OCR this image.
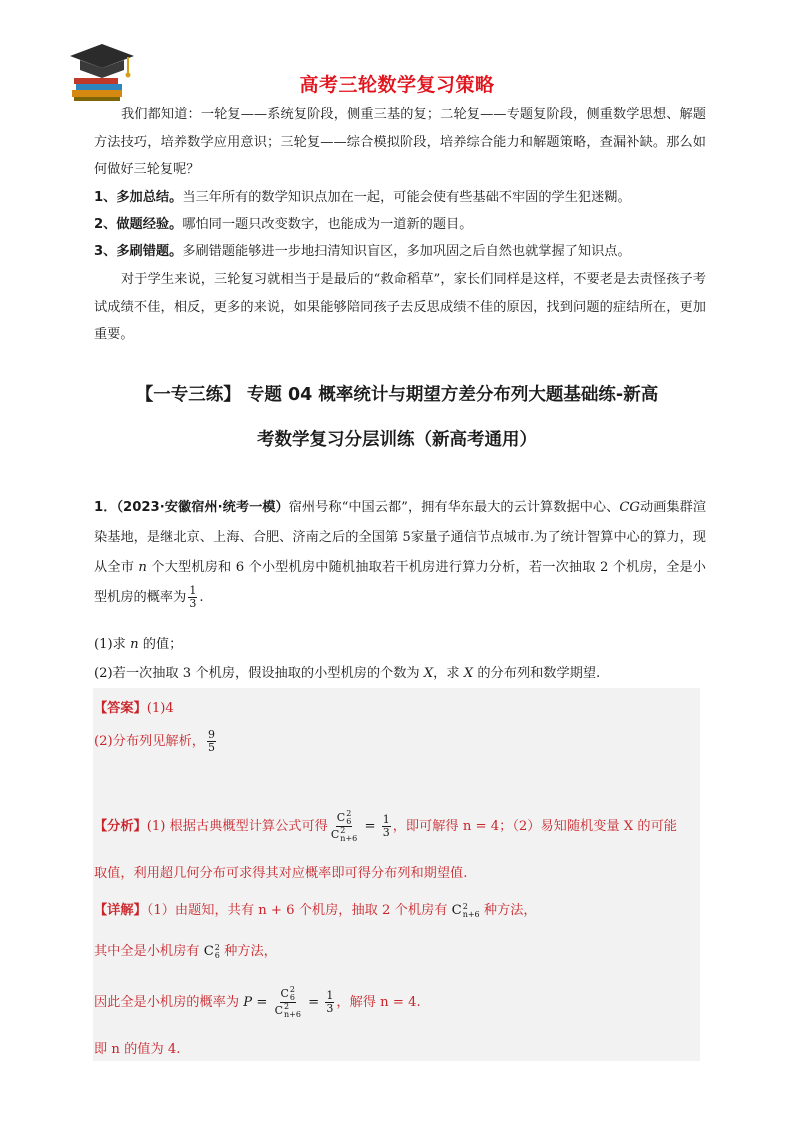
高考三轮数学复习策略
我们都知道：一轮复——系统复阶段，侧重三基的复；二轮复——专题复阶段，侧重数学思想、解题方法技巧，培养数学应用意识；三轮复——综合模拟阶段，培养综合能力和解题策略，查漏补缺。那么如何做好三轮复呢？
1、多加总结。当三年所有的数学知识点加在一起，可能会使有些基础不牢固的学生犯迷糊。
2、做题经验。哪怕同一题只改变数字，也能成为一道新的题目。
3、多刷错题。多刷错题能够进一步地扫清知识盲区，多加巩固之后自然也就掌握了知识点。
对于学生来说，三轮复习就相当于是最后的“救命稻草”，家长们同样是这样，不要老是去责怪孩子考试成绩不佳，相反，更多的来说，如果能够陪同孩子去反思成绩不佳的原因，找到问题的症结所在，更加重要。
【一专三练】 专题 04 概率统计与期望方差分布列大题基础练-新高
考数学复习分层训练（新高考通用）
1．（2023·安徽宿州·统考一模）宿州号称“中国云都”，拥有华东最大的云计算数据中心、CG动画集群渲染基地，是继北京、上海、合肥、济南之后的全国第 5家量子通信节点城市.为了统计智算中心的算力，现从全市 n 个大型机房和 6 个小型机房中随机抽取若干机房进行算力分析，若一次抽取 2 个机房，全是小型机房的概率为 $\frac{1}{3}$ .
(1)求 n 的值；
(2)若一次抽取 3 个机房，假设抽取的小型机房的个数为 X，求 X 的分布列和数学期望.
【答案】(1)4
(2)分布列见解析， $\frac{9}{5}$
【分析】(1) 根据古典概型计算公式可得 C 2
6
C 2
$n+6 = \frac{1}{3}$ ，即可解得 n = 4；（2）易知随机变量 X 的可能
取值，利用超几何分布可求得其对应概率即可得分布列和期望值.
【详解】（1）由题知，共有 n + 6 个机房，抽取 2 个机房有 C 2
n+6 种方法，
其中全是小机房有 C 2
6 种方法，
因此全是小机房的概率为 P = C 2
6
C 2
$n+6 = \frac{1}{3}$ ，解得 n = 4.
即 n 的值为 4.
